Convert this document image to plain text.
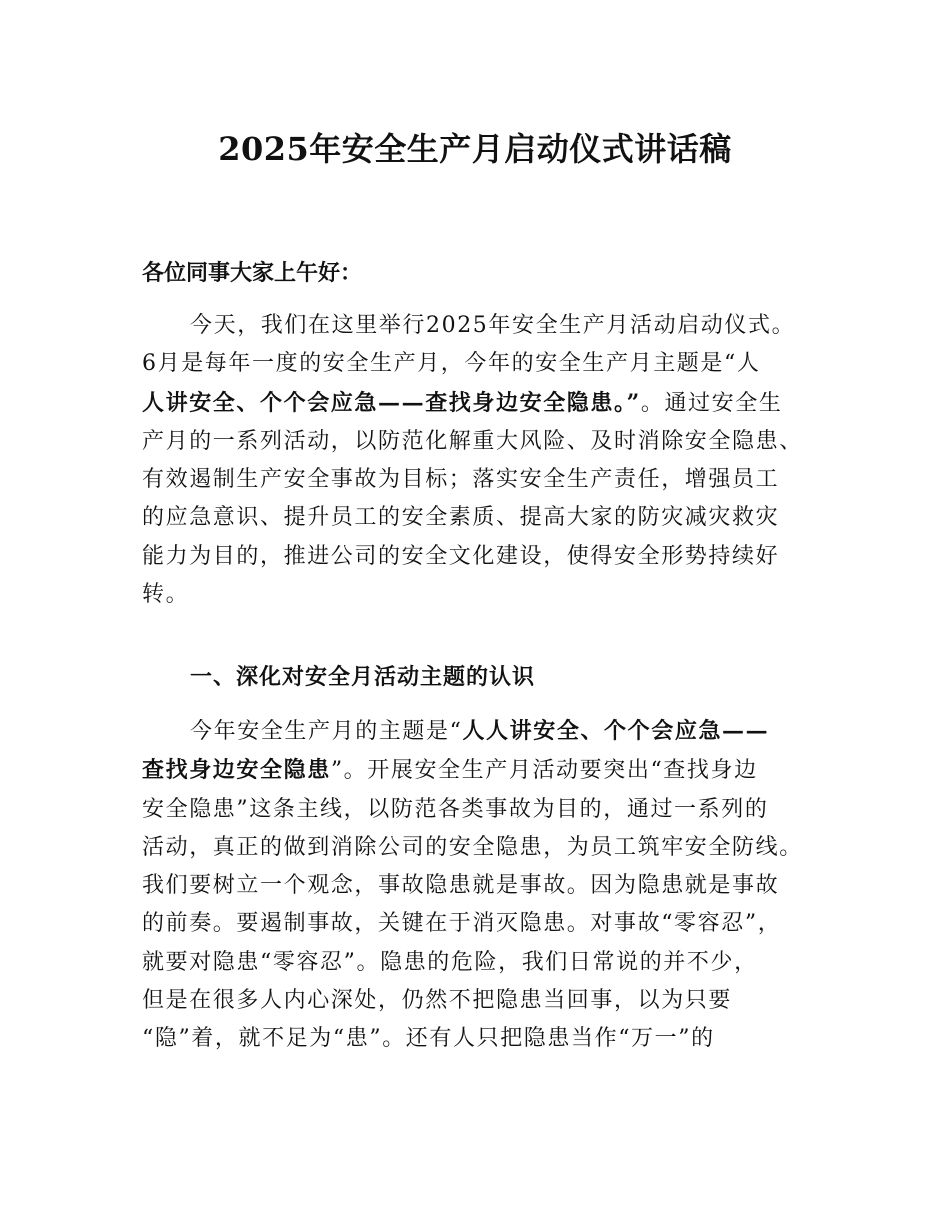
2025年安全生产月启动仪式讲话稿
各位同事大家上午好：
今天，我们在这里举行2025年安全生产月活动启动仪式。
6月是每年一度的安全生产月，今年的安全生产月主题是“人
人讲安全、个个会应急——查找身边安全隐患。”。通过安全生
产月的一系列活动，以防范化解重大风险、及时消除安全隐患、
有效遏制生产安全事故为目标；落实安全生产责任，增强员工
的应急意识、提升员工的安全素质、提高大家的防灾减灾救灾
能力为目的，推进公司的安全文化建设，使得安全形势持续好
转。
一、深化对安全月活动主题的认识
今年安全生产月的主题是“人人讲安全、个个会应急——
查找身边安全隐患”。开展安全生产月活动要突出“查找身边
安全隐患”这条主线，以防范各类事故为目的，通过一系列的
活动，真正的做到消除公司的安全隐患，为员工筑牢安全防线。
我们要树立一个观念，事故隐患就是事故。因为隐患就是事故
的前奏。要遏制事故，关键在于消灭隐患。对事故“零容忍”，
就要对隐患“零容忍”。隐患的危险，我们日常说的并不少，
但是在很多人内心深处，仍然不把隐患当回事，以为只要
“隐”着，就不足为“患”。还有人只把隐患当作“万一”的
